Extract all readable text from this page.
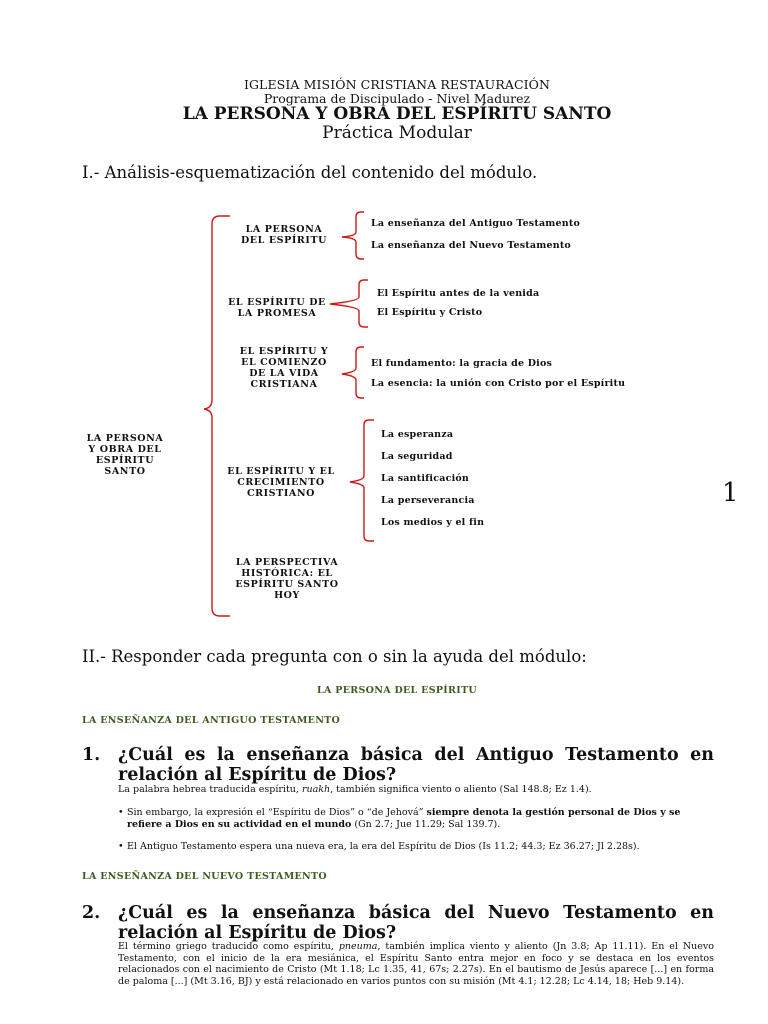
IGLESIA MISIÓN CRISTIANA RESTAURACIÓN
Programa de Discipulado - Nivel Madurez
LA PERSONA Y OBRA DEL ESPÍRITU SANTO
Práctica Modular
I.- Análisis-esquematización del contenido del módulo.
LA PERSONA Y OBRA DEL ESPÍRITU SANTO
LA PERSONA DEL ESPÍRITU
EL ESPÍRITU DE LA PROMESA
EL ESPÍRITU Y EL COMIENZO DE LA VIDA CRISTIANA
EL ESPÍRITU Y EL CRECIMIENTO CRISTIANO
LA PERSPECTIVA HISTÓRICA: EL ESPÍRITU SANTO HOY
La enseñanza del Antiguo Testamento
La enseñanza del Nuevo Testamento
El Espíritu antes de la venida
El Espíritu y Cristo
El fundamento: la gracia de Dios
La esencia: la unión con Cristo por el Espíritu
La esperanza
La seguridad
La santificación
La perseverancia
Los medios y el fin
1
II.- Responder cada pregunta con o sin la ayuda del módulo:
LA PERSONA DEL ESPÍRITU
LA ENSEÑANZA DEL ANTIGUO TESTAMENTO
1. ¿Cuál es la enseñanza básica del Antiguo Testamento en relación al Espíritu de Dios?
La palabra hebrea traducida espíritu, ruakh, también significa viento o aliento (Sal 148.8; Ez 1.4).
• Sin embargo, la expresión el “Espíritu de Dios” o “de Jehová” siempre denota la gestión personal de Dios y se refiere a Dios en su actividad en el mundo (Gn 2.7; Jue 11.29; Sal 139.7).
• El Antiguo Testamento espera una nueva era, la era del Espíritu de Dios (Is 11.2; 44.3; Ez 36.27; Jl 2.28s).
LA ENSEÑANZA DEL NUEVO TESTAMENTO
2. ¿Cuál es la enseñanza básica del Nuevo Testamento en relación al Espíritu de Dios?
El término griego traducido como espíritu, pneuma, también implica viento y aliento (Jn 3.8; Ap 11.11). En el Nuevo Testamento, con el inicio de la era mesiánica, el Espíritu Santo entra mejor en foco y se destaca en los eventos relacionados con el nacimiento de Cristo (Mt 1.18; Lc 1.35, 41, 67s; 2.27s). En el bautismo de Jesús aparece [...] en forma de paloma [...] (Mt 3.16, BJ) y está relacionado en varios puntos con su misión (Mt 4.1; 12.28; Lc 4.14, 18; Heb 9.14).
